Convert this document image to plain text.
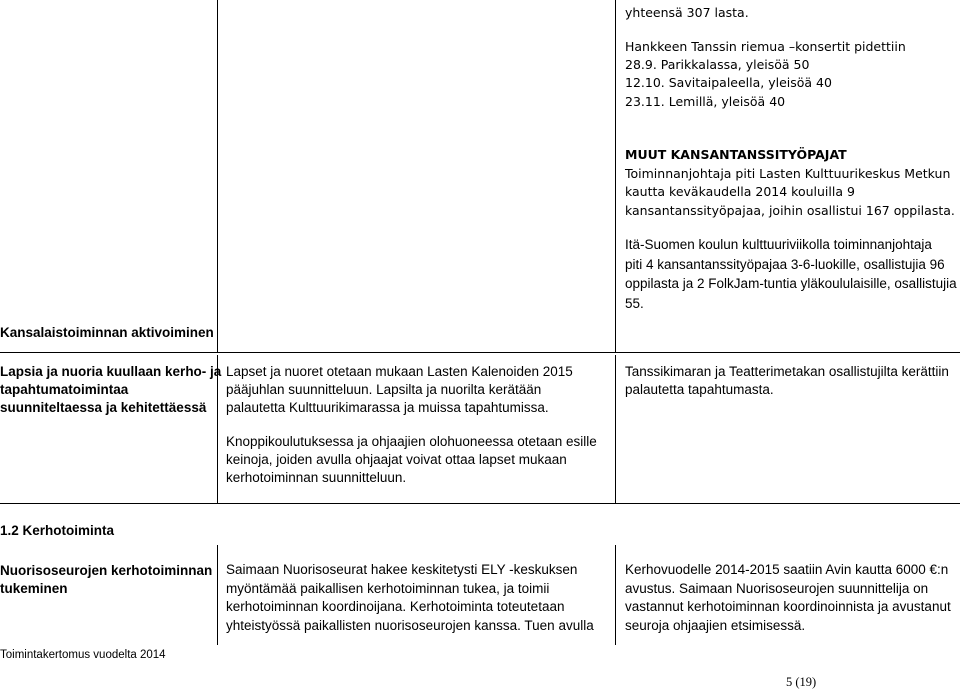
yhteensä 307 lasta.
Hankkeen Tanssin riemua –konsertit pidettiin
28.9. Parikkalassa, yleisöä 50
12.10. Savitaipaleella, yleisöä 40
23.11. Lemillä, yleisöä 40
MUUT KANSANTANSSITYÖPAJAT
Toiminnanjohtaja piti Lasten Kulttuurikeskus Metkun
kautta keväkaudella 2014 kouluilla 9
kansantanssityöpajaa, joihin osallistui 167 oppilasta.
Itä-Suomen koulun kulttuuriviikolla toiminnanjohtaja
piti 4 kansantanssityöpajaa 3-6-luokille, osallistujia 96
oppilasta ja 2 FolkJam-tuntia yläkoululaisille, osallistujia
55.
Kansalaistoiminnan aktivoiminen
Lapsia ja nuoria kuullaan kerho- ja
tapahtumatoimintaa
suunniteltaessa ja kehitettäessä
Lapset ja nuoret otetaan mukaan Lasten Kalenoiden 2015
pääjuhlan suunnitteluun. Lapsilta ja nuorilta kerätään
palautetta Kulttuurikimarassa ja muissa tapahtumissa.
Knoppikoulutuksessa ja ohjaajien olohuoneessa otetaan esille
keinoja, joiden avulla ohjaajat voivat ottaa lapset mukaan
kerhotoiminnan suunnitteluun.
Tanssikimaran ja Teatterimetakan osallistujilta kerättiin
palautetta tapahtumasta.
1.2 Kerhotoiminta
Nuorisoseurojen kerhotoiminnan
tukeminen
Saimaan Nuorisoseurat hakee keskitetysti ELY -keskuksen
myöntämää paikallisen kerhotoiminnan tukea, ja toimii
kerhotoiminnan koordinoijana. Kerhotoiminta toteutetaan
yhteistyössä paikallisten nuorisoseurojen kanssa. Tuen avulla
Kerhovuodelle 2014-2015 saatiin Avin kautta 6000 €:n
avustus. Saimaan Nuorisoseurojen suunnittelija on
vastannut kerhotoiminnan koordinoinnista ja avustanut
seuroja ohjaajien etsimisessä.
Toimintakertomus vuodelta 2014
5 (19)
